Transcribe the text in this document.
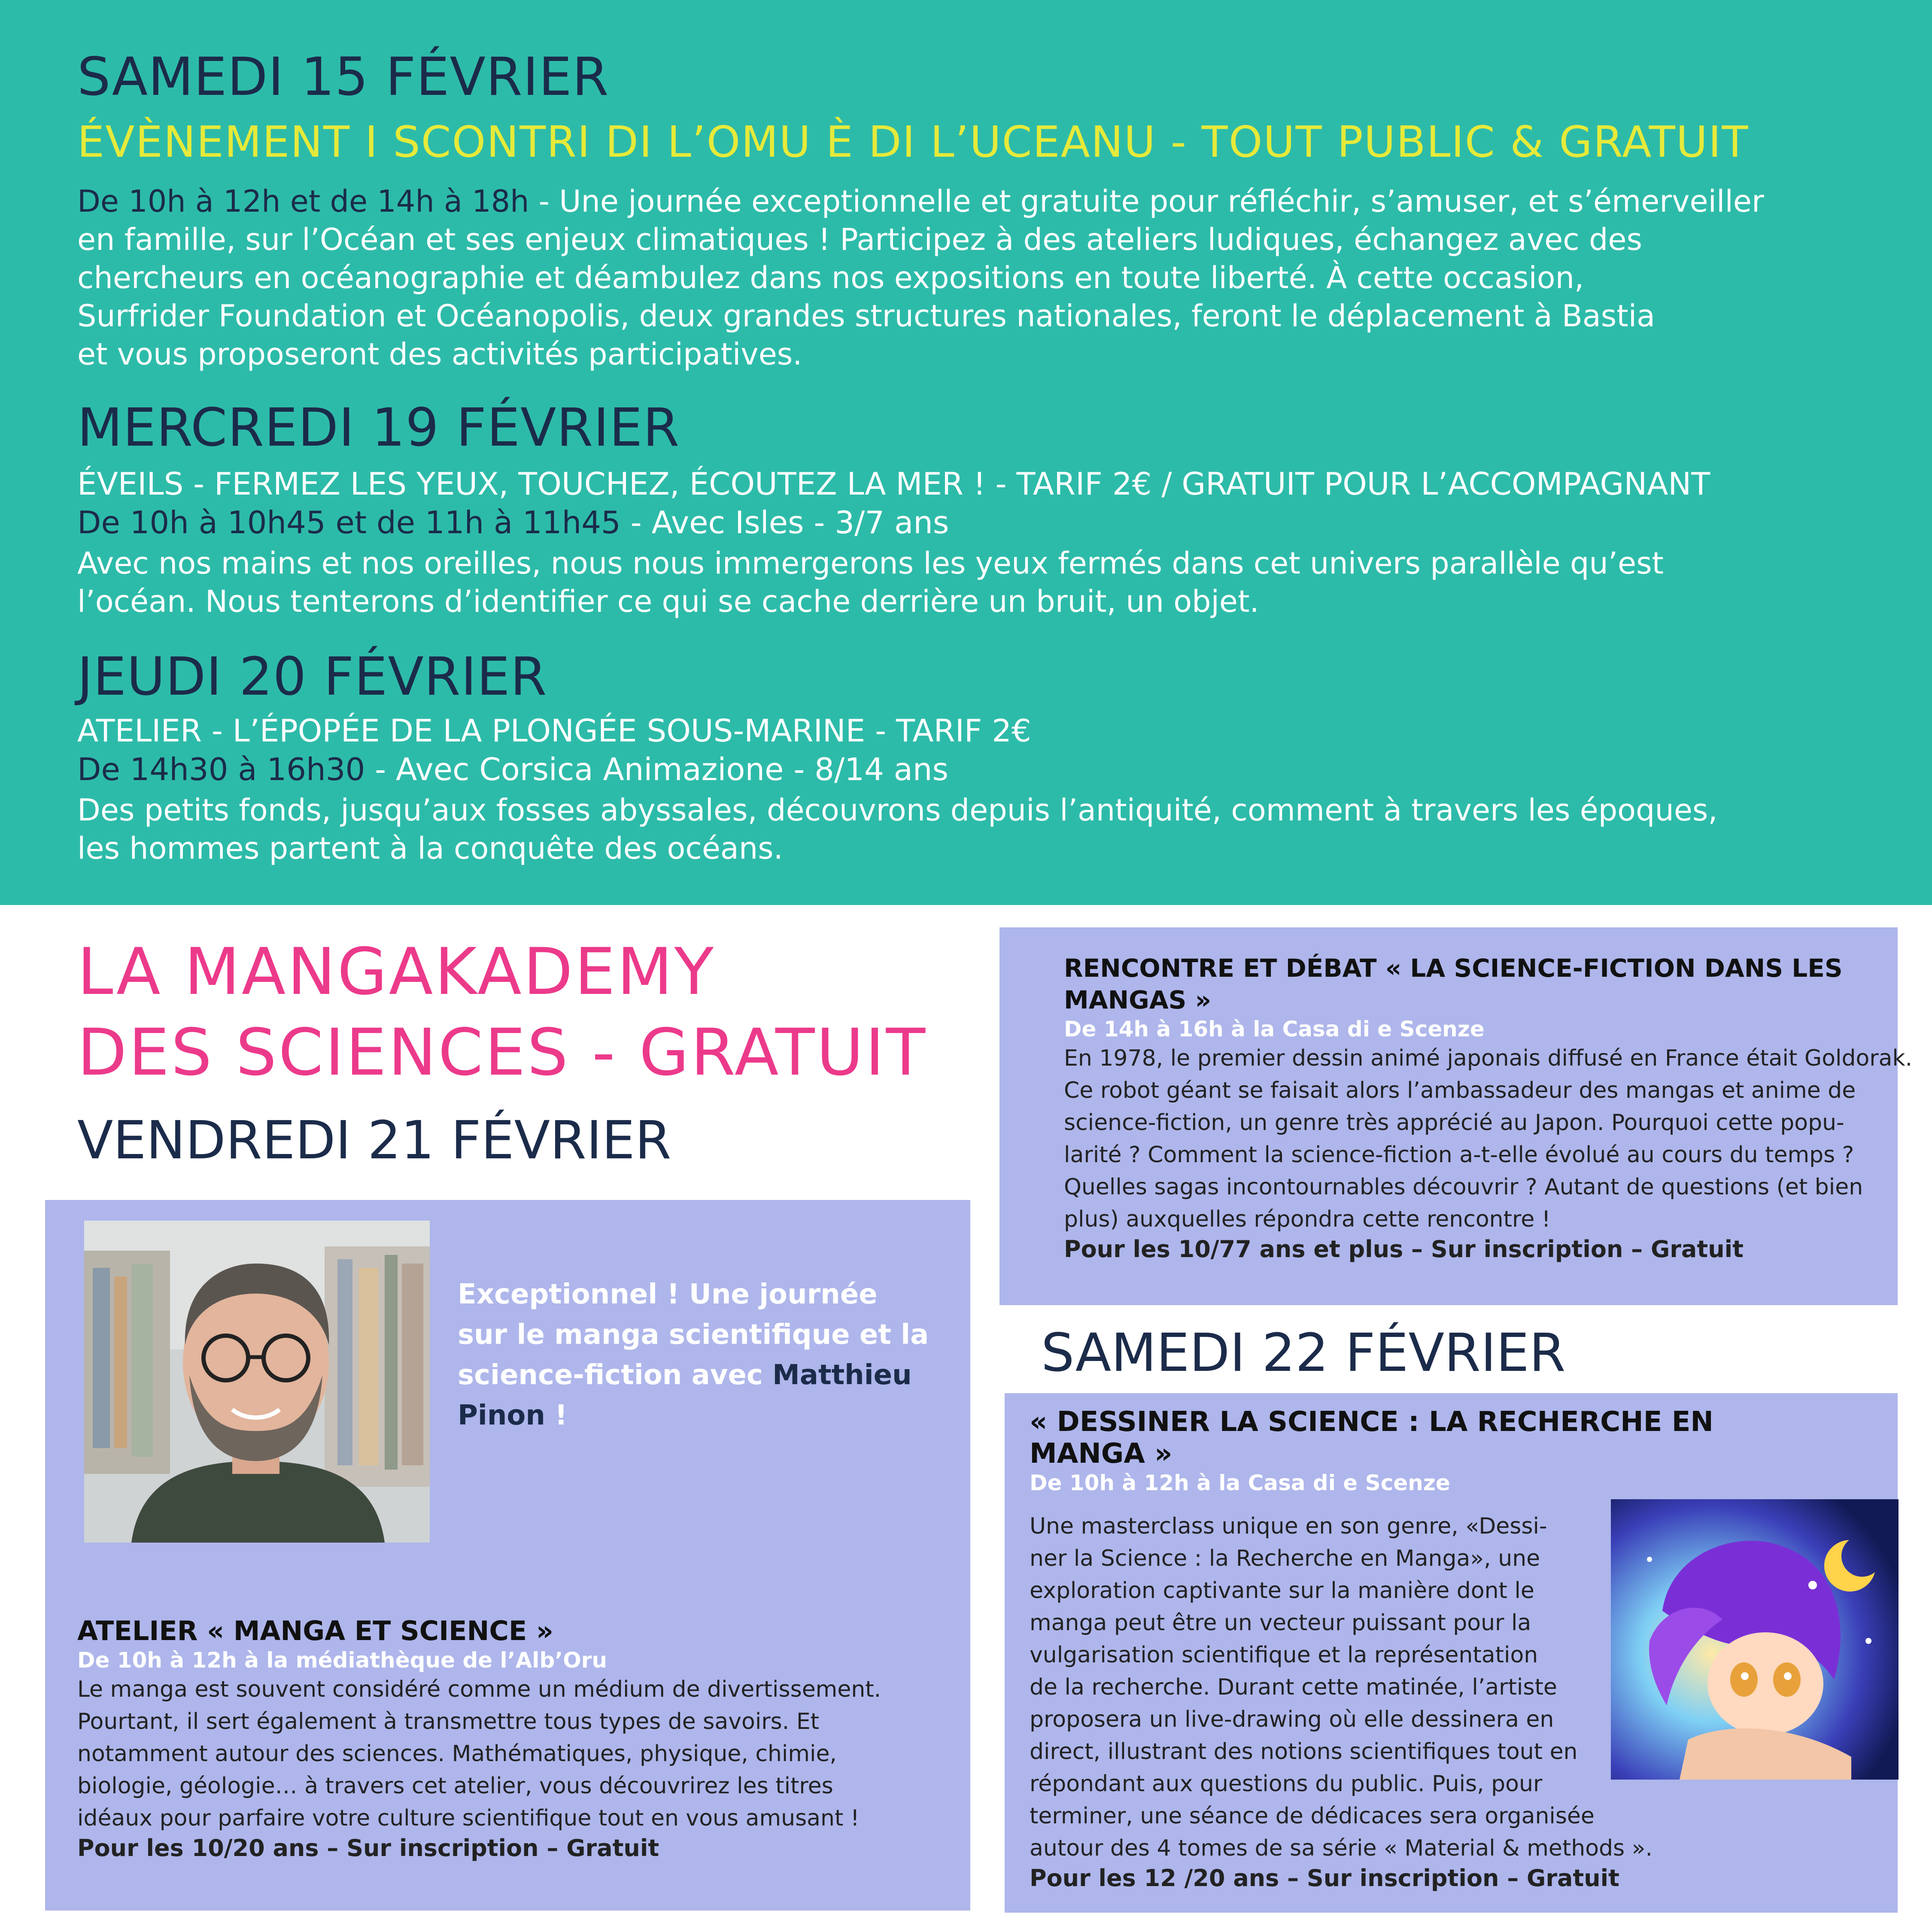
SAMEDI 15 FÉVRIER
ÉVÈNEMENT I SCONTRI DI L’OMU È DI L’UCEANU - TOUT PUBLIC & GRATUIT
De 10h à 12h et de 14h à 18h - Une journée exceptionnelle et gratuite pour réfléchir, s’amuser, et s’émerveiller
en famille, sur l’Océan et ses enjeux climatiques ! Participez à des ateliers ludiques, échangez avec des
chercheurs en océanographie et déambulez dans nos expositions en toute liberté. À cette occasion,
Surfrider Foundation et Océanopolis, deux grandes structures nationales, feront le déplacement à Bastia
et vous proposeront des activités participatives.
MERCREDI 19 FÉVRIER
ÉVEILS - FERMEZ LES YEUX, TOUCHEZ, ÉCOUTEZ LA MER ! - TARIF 2€ / GRATUIT POUR L’ACCOMPAGNANT
De 10h à 10h45 et de 11h à 11h45 - Avec Isles - 3/7 ans
Avec nos mains et nos oreilles, nous nous immergerons les yeux fermés dans cet univers parallèle qu’est
l’océan. Nous tenterons d’identifier ce qui se cache derrière un bruit, un objet.
JEUDI 20 FÉVRIER
ATELIER - L’ÉPOPÉE DE LA PLONGÉE SOUS-MARINE - TARIF 2€
De 14h30 à 16h30 - Avec Corsica Animazione - 8/14 ans
Des petits fonds, jusqu’aux fosses abyssales, découvrons depuis l’antiquité, comment à travers les époques,
les hommes partent à la conquête des océans.
LA MANGAKADEMY
DES SCIENCES - GRATUIT
VENDREDI 21 FÉVRIER
Exceptionnel ! Une journée
sur le manga scientifique et la
science-fiction avec Matthieu
Pinon !
ATELIER « MANGA ET SCIENCE »
De 10h à 12h à la médiathèque de l’Alb’Oru
Le manga est souvent considéré comme un médium de divertissement.
Pourtant, il sert également à transmettre tous types de savoirs. Et
notamment autour des sciences. Mathématiques, physique, chimie,
biologie, géologie… à travers cet atelier, vous découvrirez les titres
idéaux pour parfaire votre culture scientifique tout en vous amusant !
Pour les 10/20 ans – Sur inscription – Gratuit
RENCONTRE ET DÉBAT « LA SCIENCE-FICTION DANS LES
MANGAS »
De 14h à 16h à la Casa di e Scenze
En 1978, le premier dessin animé japonais diffusé en France était Goldorak.
Ce robot géant se faisait alors l’ambassadeur des mangas et anime de
science-fiction, un genre très apprécié au Japon. Pourquoi cette popu-
larité ? Comment la science-fiction a-t-elle évolué au cours du temps ?
Quelles sagas incontournables découvrir ? Autant de questions (et bien
plus) auxquelles répondra cette rencontre !
Pour les 10/77 ans et plus – Sur inscription – Gratuit
SAMEDI 22 FÉVRIER
« DESSINER LA SCIENCE : LA RECHERCHE EN
MANGA »
De 10h à 12h à la Casa di e Scenze
Une masterclass unique en son genre, «Dessi-
ner la Science : la Recherche en Manga», une
exploration captivante sur la manière dont le
manga peut être un vecteur puissant pour la
vulgarisation scientifique et la représentation
de la recherche. Durant cette matinée, l’artiste
proposera un live-drawing où elle dessinera en
direct, illustrant des notions scientifiques tout en
répondant aux questions du public. Puis, pour
terminer, une séance de dédicaces sera organisée
autour des 4 tomes de sa série « Material & methods ».
Pour les 12 /20 ans – Sur inscription – Gratuit
